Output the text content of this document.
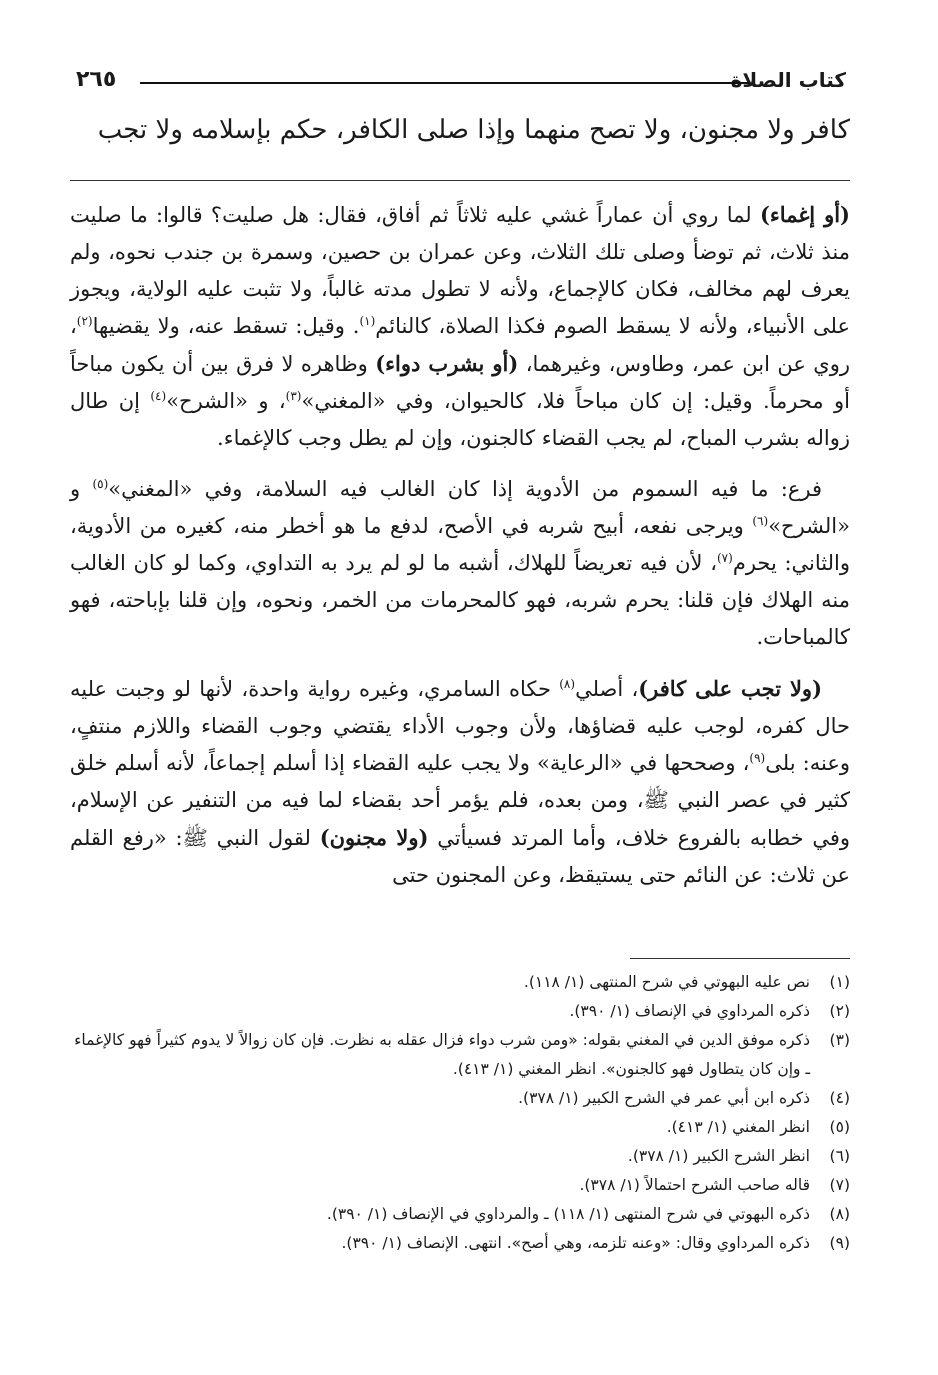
٢٦٥	كتاب الصلاة
كافر ولا مجنون، ولا تصح منهما وإذا صلى الكافر، حكم بإسلامه ولا تجب

(أو إغماء) لما روي أن عماراً غشي عليه ثلاثاً ثم أفاق، فقال: هل صليت؟ قالوا: ما صليت منذ ثلاث، ثم توضأ وصلى تلك الثلاث، وعن عمران بن حصين، وسمرة بن جندب نحوه، ولم يعرف لهم مخالف، فكان كالإجماع، ولأنه لا تطول مدته غالباً، ولا تثبت عليه الولاية، ويجوز على الأنبياء، ولأنه لا يسقط الصوم فكذا الصلاة، كالنائم$^{(١)}$. وقيل: تسقط عنه، ولا يقضيها$^{(٢)}$، روي عن ابن عمر، وطاوس، وغيرهما، (أو بشرب دواء) وظاهره لا فرق بين أن يكون مباحاً أو محرماً. وقيل: إن كان مباحاً فلا، كالحيوان، وفي «المغني»$^{(٣)}$، و «الشرح»$^{(٤)}$ إن طال زواله بشرب المباح، لم يجب القضاء كالجنون، وإن لم يطل وجب كالإغماء.

فرع: ما فيه السموم من الأدوية إذا كان الغالب فيه السلامة، وفي «المغني»$^{(٥)}$ و «الشرح»$^{(٦)}$ ويرجى نفعه، أبيح شربه في الأصح، لدفع ما هو أخطر منه، كغيره من الأدوية، والثاني: يحرم$^{(٧)}$، لأن فيه تعريضاً للهلاك، أشبه ما لو لم يرد به التداوي، وكما لو كان الغالب منه الهلاك فإن قلنا: يحرم شربه، فهو كالمحرمات من الخمر، ونحوه، وإن قلنا بإباحته، فهو كالمباحات.

(ولا تجب على كافر)، أصلي$^{(٨)}$ حكاه السامري، وغيره رواية واحدة، لأنها لو وجبت عليه حال كفره، لوجب عليه قضاؤها، ولأن وجوب الأداء يقتضي وجوب القضاء واللازم منتفٍ، وعنه: بلى$^{(٩)}$، وصححها في «الرعاية» ولا يجب عليه القضاء إذا أسلم إجماعاً، لأنه أسلم خلق كثير في عصر النبي ﷺ، ومن بعده، فلم يؤمر أحد بقضاء لما فيه من التنفير عن الإسلام، وفي خطابه بالفروع خلاف، وأما المرتد فسيأتي (ولا مجنون) لقول النبي ﷺ: «رفع القلم عن ثلاث: عن النائم حتى يستيقظ، وعن المجنون حتى

(١)
نص عليه البهوتي في شرح المنتهى (١/ ١١٨).
(٢)
ذكره المرداوي في الإنصاف (١/ ٣٩٠).
(٣)
ذكره موفق الدين في المغني بقوله: «ومن شرب دواء فزال عقله به نظرت. فإن كان زوالاً لا يدوم كثيراً فهو كالإغماء ـ وإن كان يتطاول فهو كالجنون». انظر المغني (١/ ٤١٣).
(٤)
ذكره ابن أبي عمر في الشرح الكبير (١/ ٣٧٨).
(٥)
انظر المغني (١/ ٤١٣).
(٦)
انظر الشرح الكبير (١/ ٣٧٨).
(٧)
قاله صاحب الشرح احتمالاً (١/ ٣٧٨).
(٨)
ذكره البهوتي في شرح المنتهى (١/ ١١٨) ـ والمرداوي في الإنصاف (١/ ٣٩٠).
(٩)
ذكره المرداوي وقال: «وعنه تلزمه، وهي أصح». انتهى. الإنصاف (١/ ٣٩٠).
